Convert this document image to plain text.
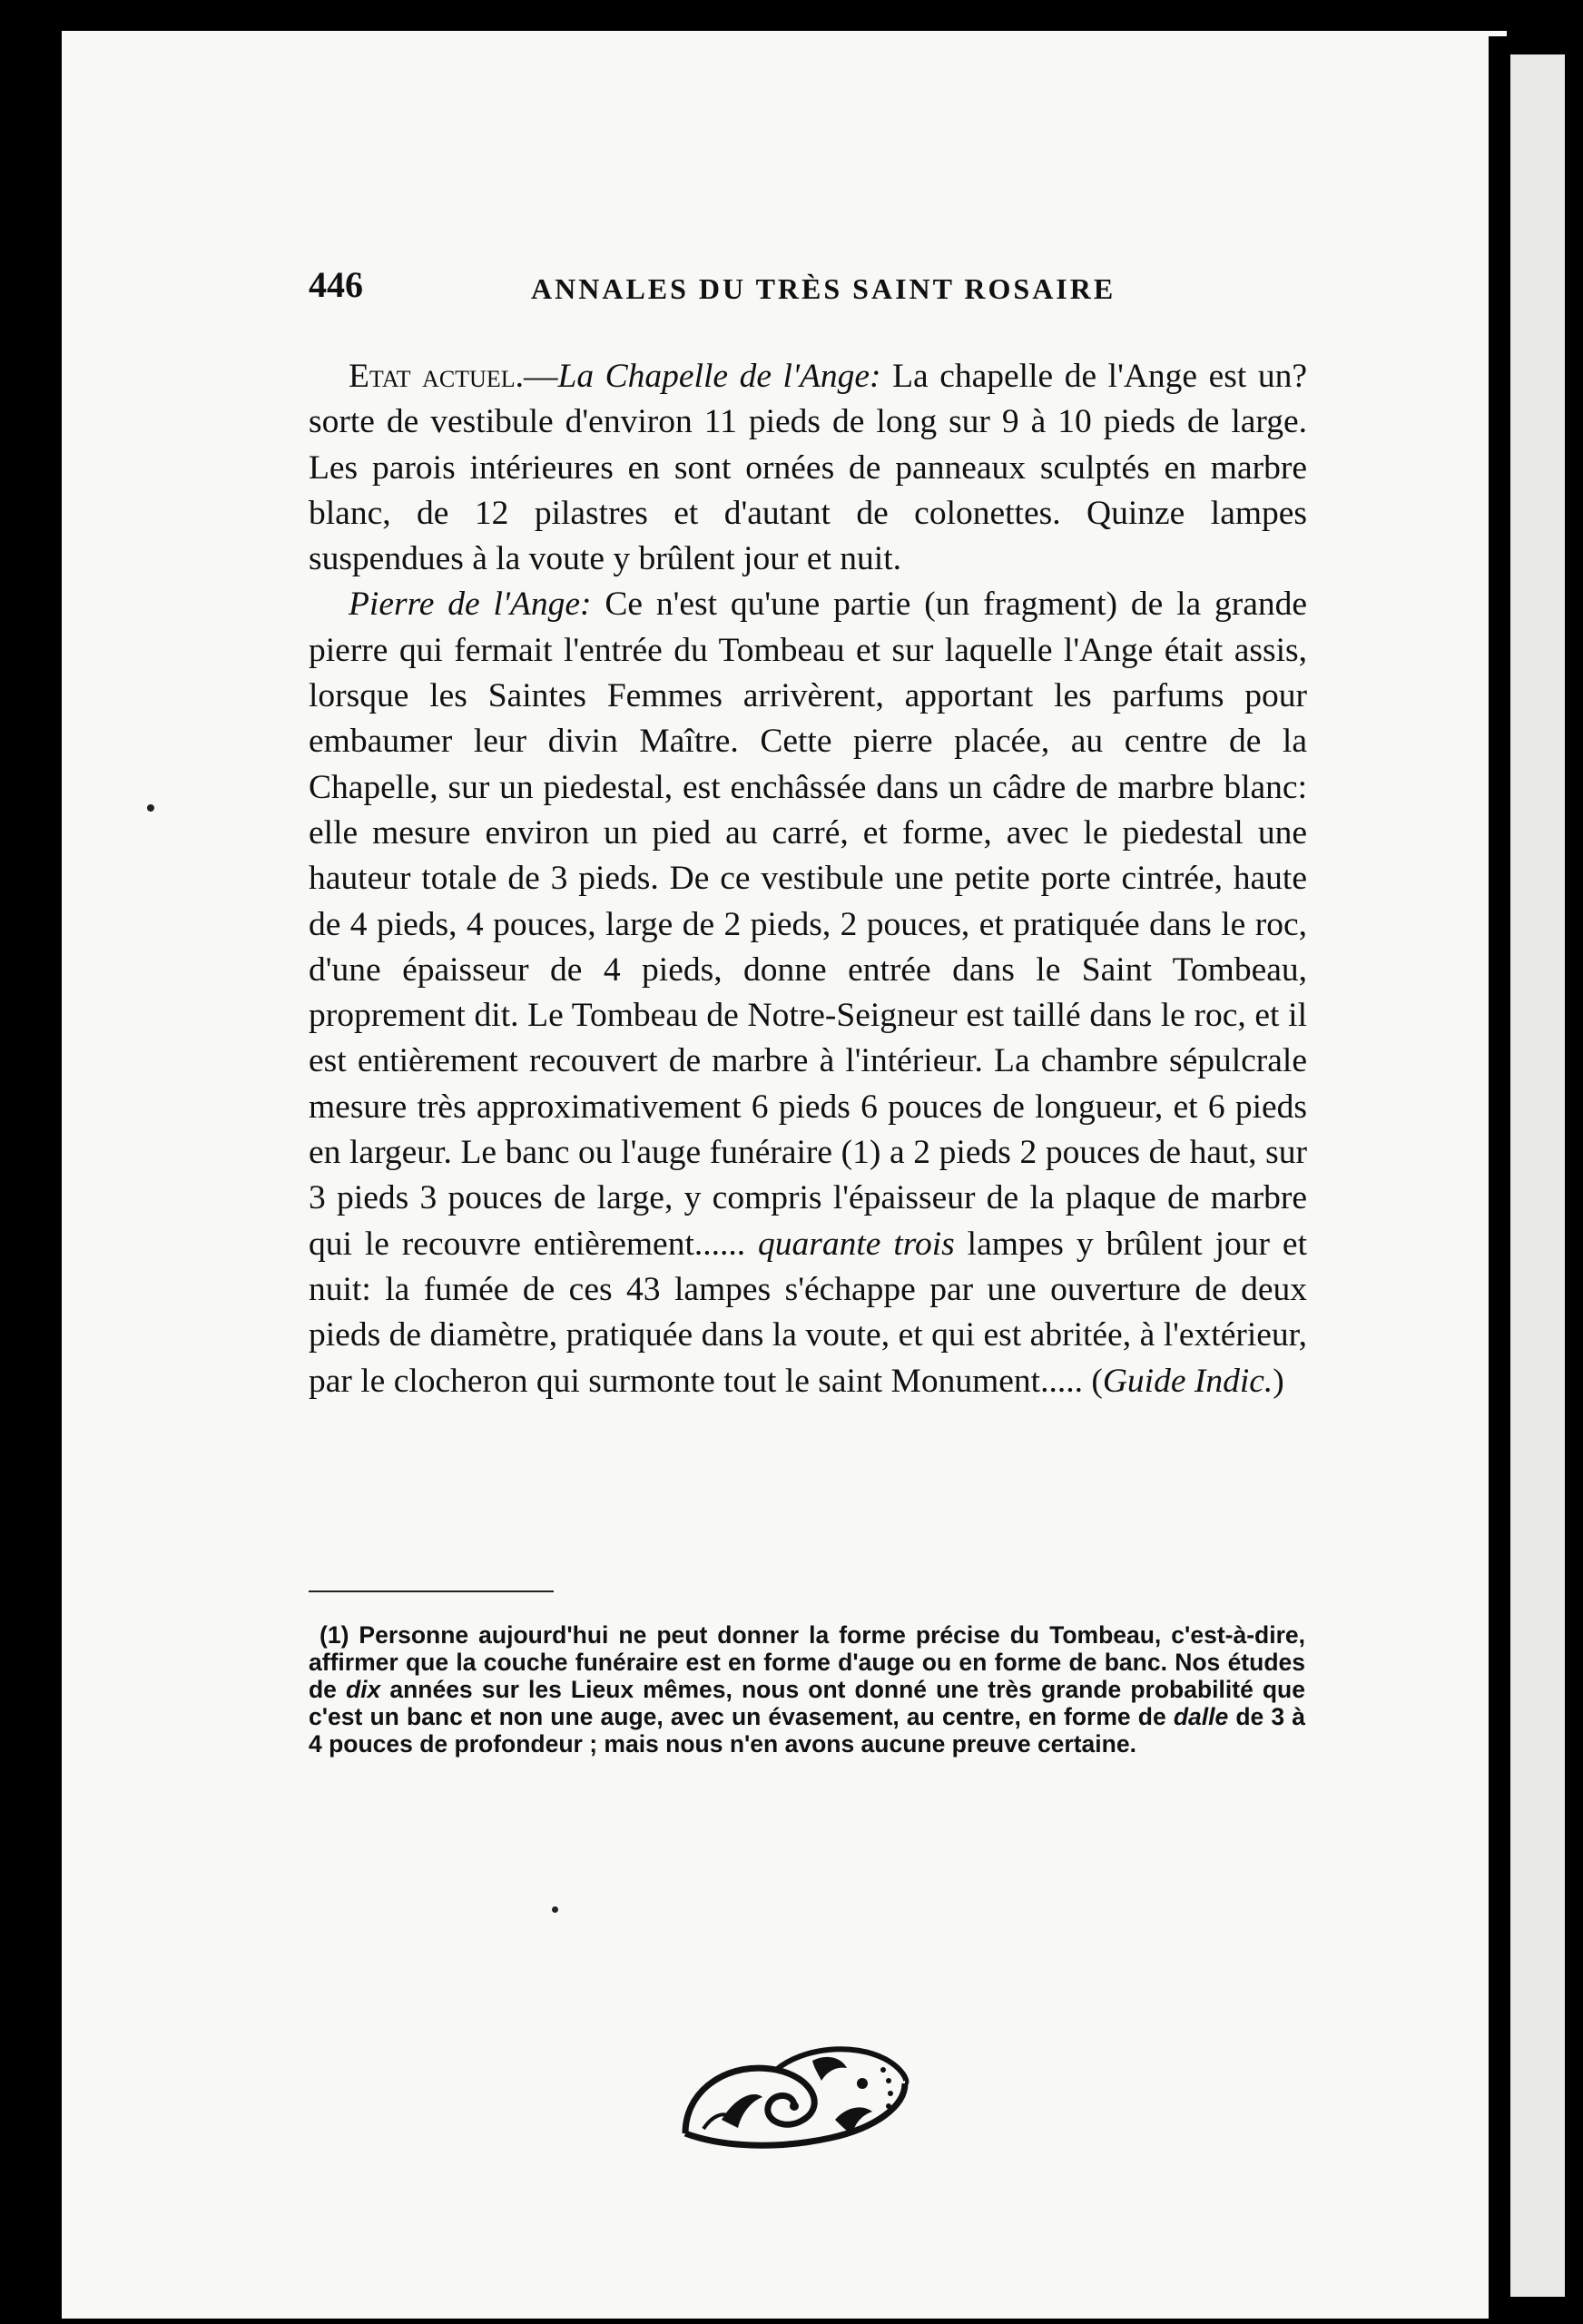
446	ANNALES DU TRÈS SAINT ROSAIRE

Etat actuel.—La Chapelle de l'Ange: La chapelle de l'Ange est un? sorte de vestibule d'environ 11 pieds de long sur 9 à 10 pieds de large. Les parois intérieures en sont ornées de panneaux sculptés en marbre blanc, de 12 pilastres et d'autant de colonettes. Quinze lampes suspendues à la voute y brûlent jour et nuit.

Pierre de l'Ange: Ce n'est qu'une partie (un fragment) de la grande pierre qui fermait l'entrée du Tombeau et sur laquelle l'Ange était assis, lorsque les Saintes Femmes arrivèrent, apportant les parfums pour embaumer leur divin Maître. Cette pierre placée, au centre de la Chapelle, sur un piedestal, est enchâssée dans un câdre de marbre blanc: elle mesure environ un pied au carré, et forme, avec le piedestal une hauteur totale de 3 pieds. De ce vestibule une petite porte cintrée, haute de 4 pieds, 4 pouces, large de 2 pieds, 2 pouces, et pratiquée dans le roc, d'une épaisseur de 4 pieds, donne entrée dans le Saint Tombeau, proprement dit. Le Tombeau de Notre-Seigneur est taillé dans le roc, et il est entièrement recouvert de marbre à l'intérieur. La chambre sépulcrale mesure très approximativement 6 pieds 6 pouces de longueur, et 6 pieds en largeur. Le banc ou l'auge funéraire (1) a 2 pieds 2 pouces de haut, sur 3 pieds 3 pouces de large, y compris l'épaisseur de la plaque de marbre qui le recouvre entièrement...... quarante trois lampes y brûlent jour et nuit: la fumée de ces 43 lampes s'échappe par une ouverture de deux pieds de diamètre, pratiquée dans la voute, et qui est abritée, à l'extérieur, par le clocheron qui surmonte tout le saint Monument..... (Guide Indic.)

(1) Personne aujourd'hui ne peut donner la forme précise du Tombeau, c'est-à-dire, affirmer que la couche funéraire est en forme d'auge ou en forme de banc. Nos études de dix années sur les Lieux mêmes, nous ont donné une très grande probabilité que c'est un banc et non une auge, avec un évasement, au centre, en forme de dalle de 3 à 4 pouces de profondeur ; mais nous n'en avons aucune preuve certaine.
